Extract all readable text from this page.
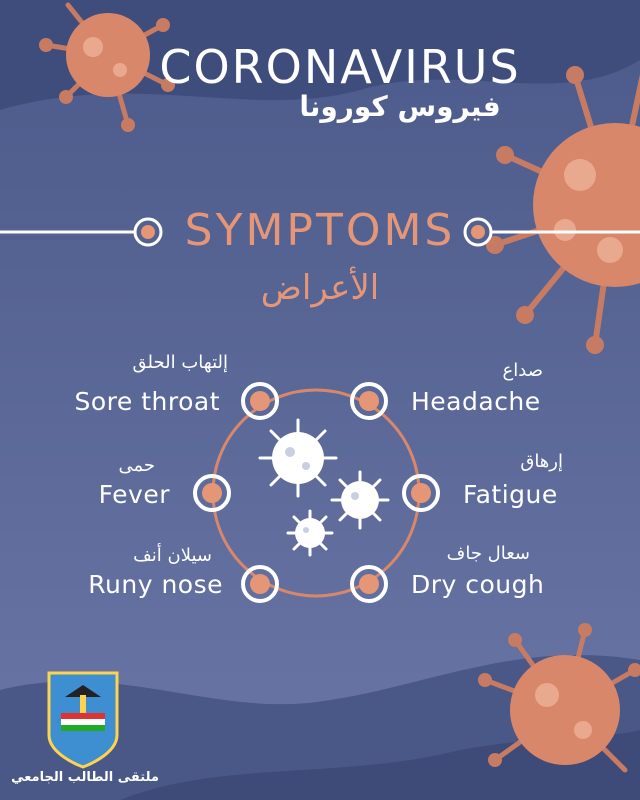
CORONAVIRUS
فيروس كورونا
SYMPTOMS
الأعراض
إلتهاب الحلق
Sore throat
حمى
Fever
سيلان أنف
Runy nose
صداع
Headache
إرهاق
Fatigue
سعال جاف
Dry cough
ملتقى الطالب الجامعي
